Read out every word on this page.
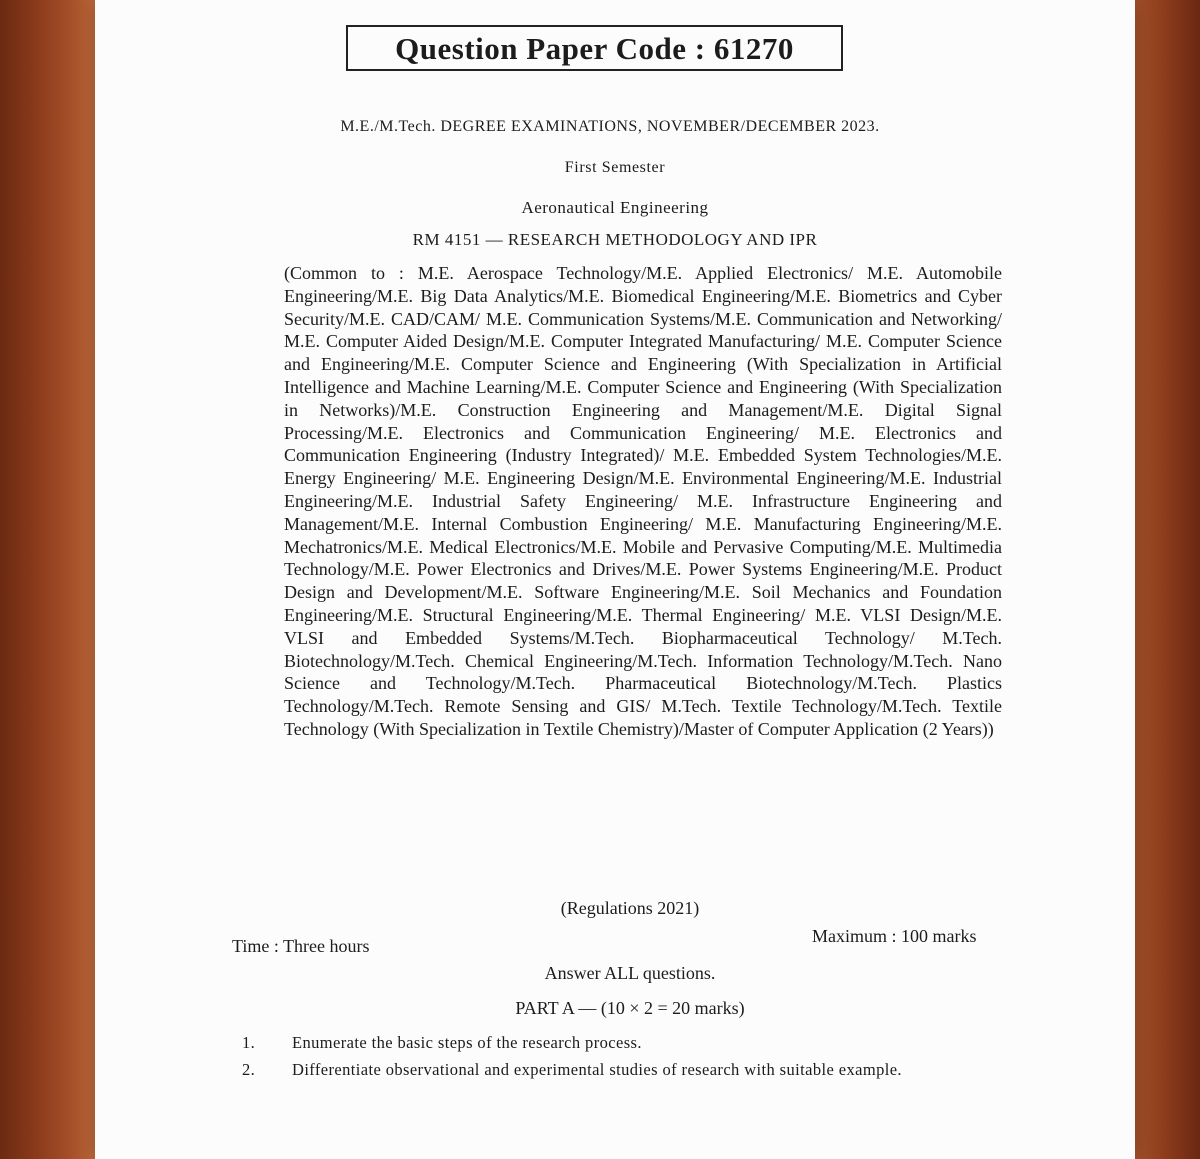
Question Paper Code : 61270
M.E./M.Tech. DEGREE EXAMINATIONS, NOVEMBER/DECEMBER 2023.
First Semester
Aeronautical Engineering
RM 4151 — RESEARCH METHODOLOGY AND IPR
(Common to : M.E. Aerospace Technology/M.E. Applied Electronics/ M.E. Automobile Engineering/M.E. Big Data Analytics/M.E. Biomedical Engineering/M.E. Biometrics and Cyber Security/M.E. CAD/CAM/ M.E. Communication Systems/M.E. Communication and Networking/ M.E. Computer Aided Design/M.E. Computer Integrated Manufacturing/ M.E. Computer Science and Engineering/M.E. Computer Science and Engineering (With Specialization in Artificial Intelligence and Machine Learning/M.E. Computer Science and Engineering (With Specialization in Networks)/M.E. Construction Engineering and Management/M.E. Digital Signal Processing/M.E. Electronics and Communication Engineering/ M.E. Electronics and Communication Engineering (Industry Integrated)/ M.E. Embedded System Technologies/M.E. Energy Engineering/ M.E. Engineering Design/M.E. Environmental Engineering/M.E. Industrial Engineering/M.E. Industrial Safety Engineering/ M.E. Infrastructure Engineering and Management/M.E. Internal Combustion Engineering/ M.E. Manufacturing Engineering/M.E. Mechatronics/M.E. Medical Electronics/M.E. Mobile and Pervasive Computing/M.E. Multimedia Technology/M.E. Power Electronics and Drives/M.E. Power Systems Engineering/M.E. Product Design and Development/M.E. Software Engineering/M.E. Soil Mechanics and Foundation Engineering/M.E. Structural Engineering/M.E. Thermal Engineering/ M.E. VLSI Design/M.E. VLSI and Embedded Systems/M.Tech. Biopharmaceutical Technology/ M.Tech. Biotechnology/M.Tech. Chemical Engineering/M.Tech. Information Technology/M.Tech. Nano Science and Technology/M.Tech. Pharmaceutical Biotechnology/M.Tech. Plastics Technology/M.Tech. Remote Sensing and GIS/ M.Tech. Textile Technology/M.Tech. Textile Technology (With Specialization in Textile Chemistry)/Master of Computer Application (2 Years))
(Regulations 2021)
Time : Three hours	Maximum : 100 marks
Answer ALL questions.
PART A — (10 × 2 = 20 marks)
1. Enumerate the basic steps of the research process.
2. Differentiate observational and experimental studies of research with suitable example.
